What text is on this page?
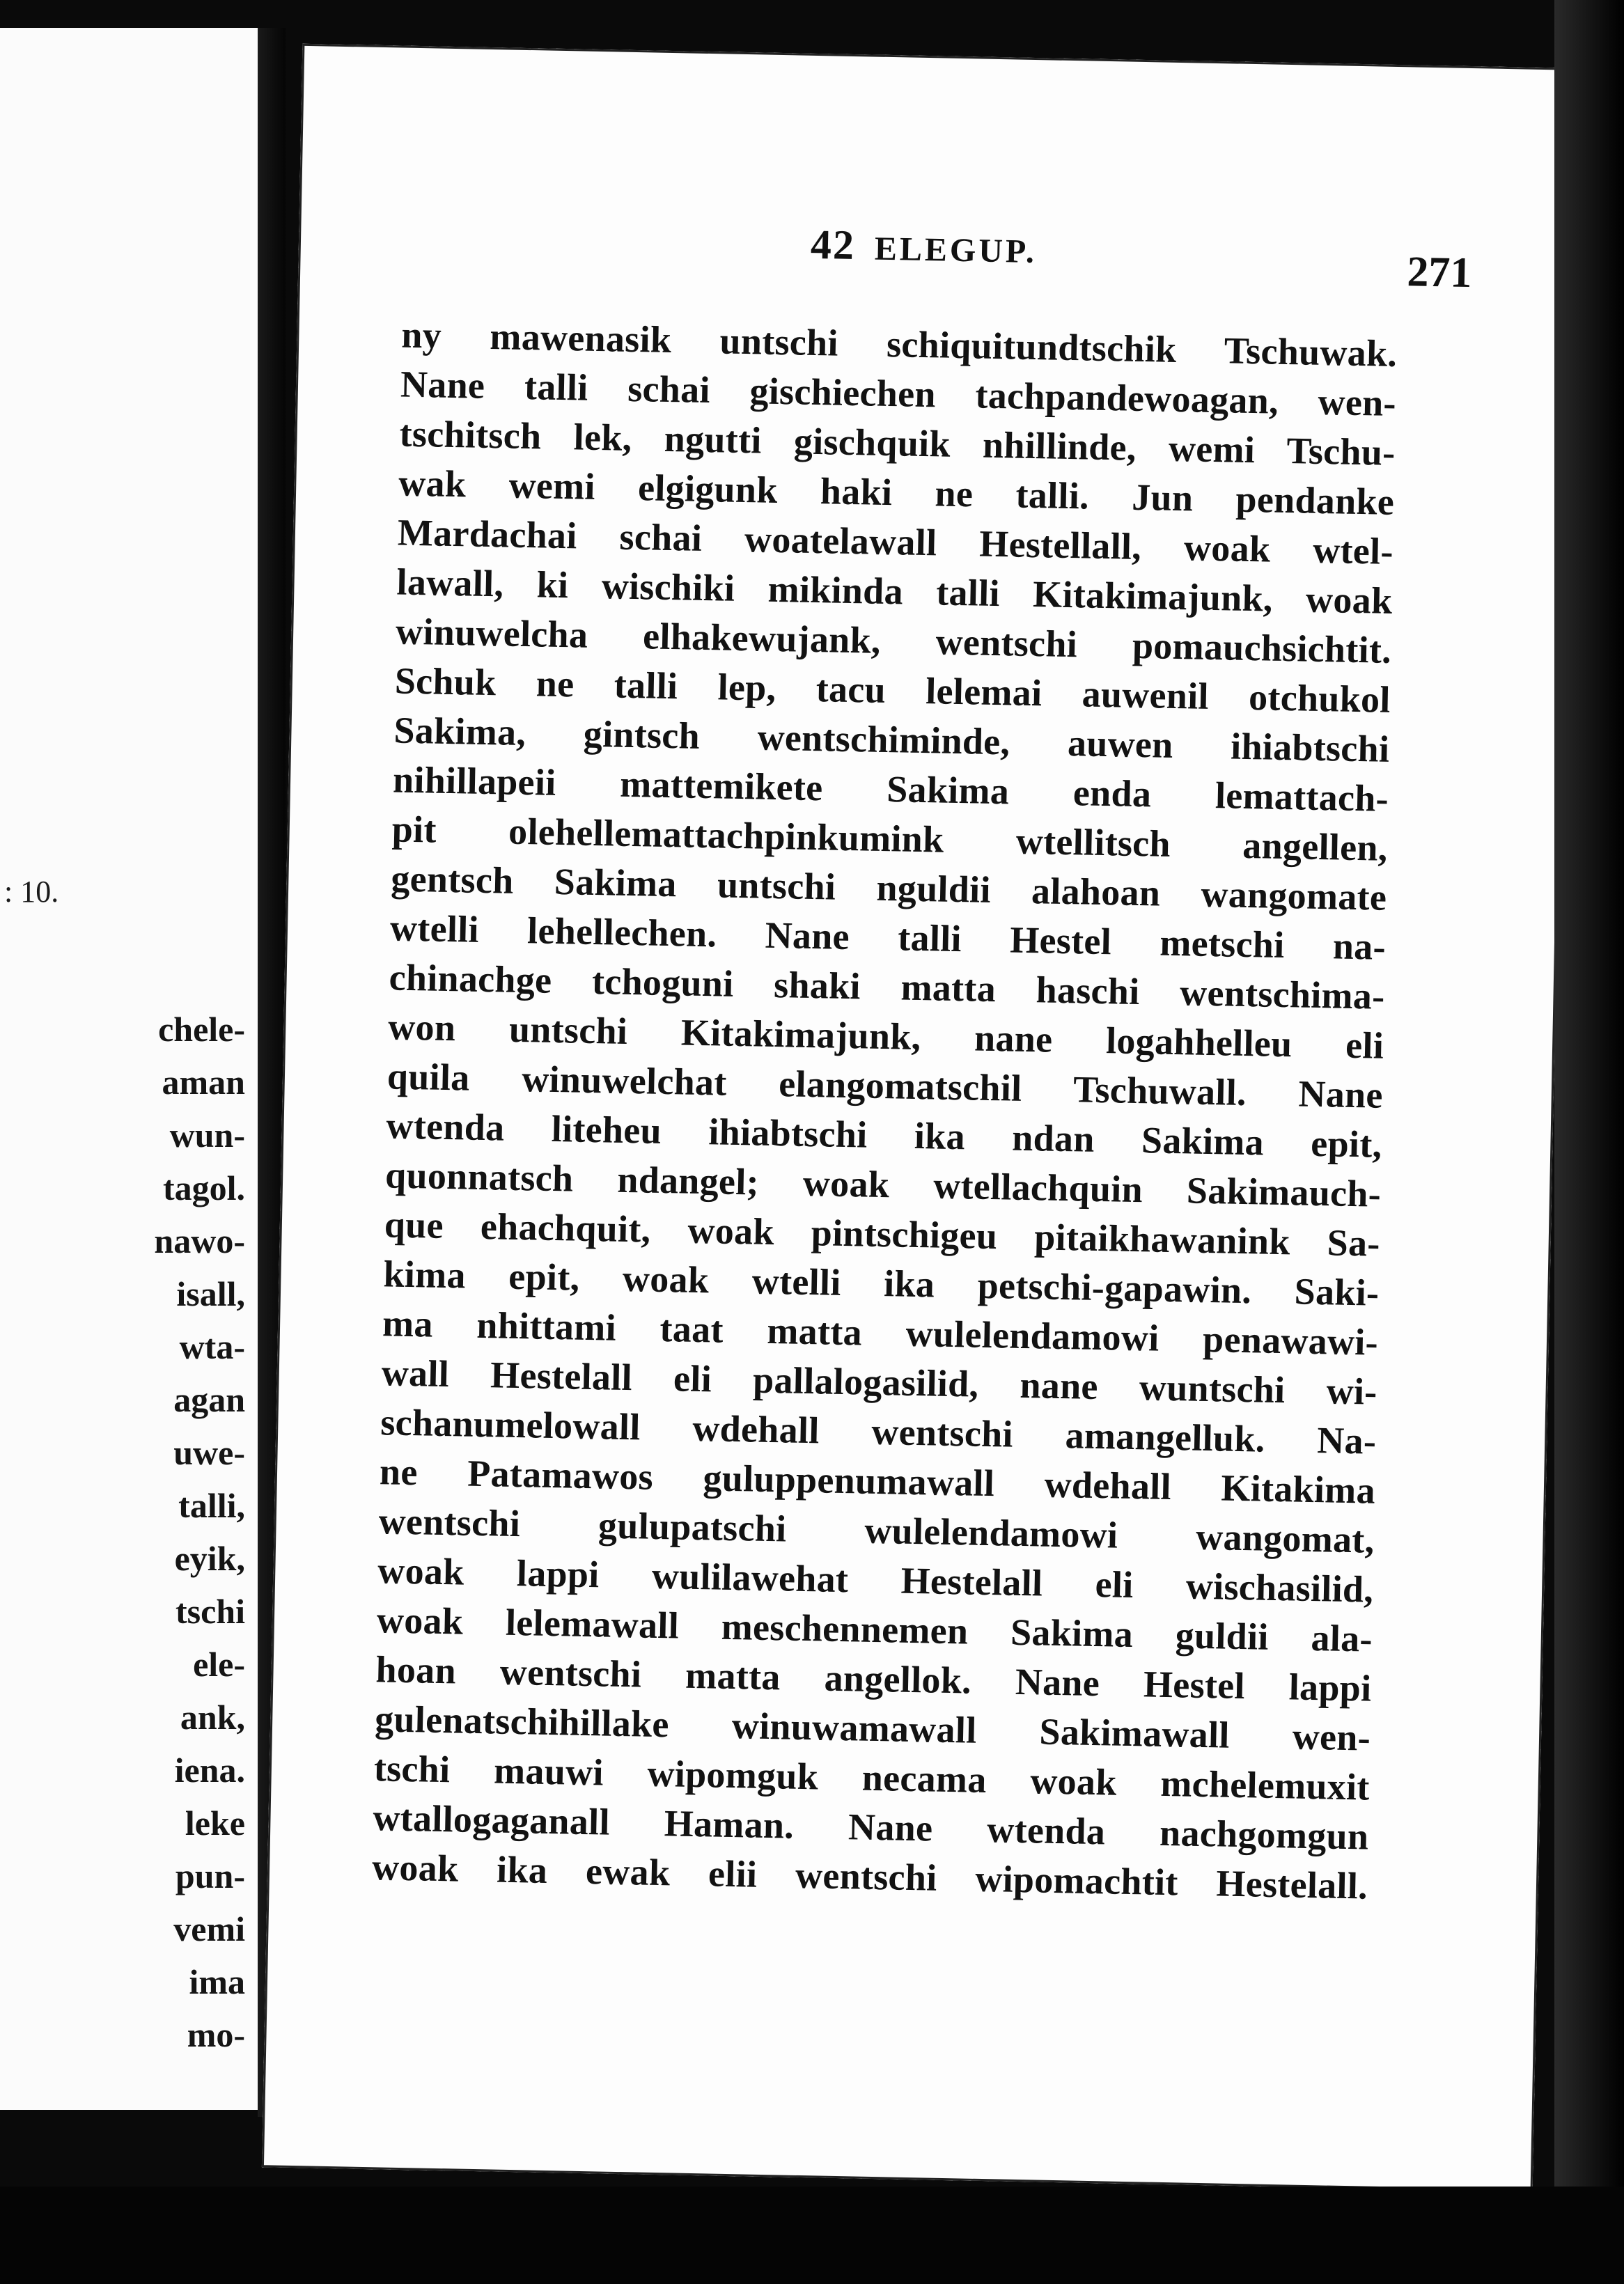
: 10.
chele-
aman
wun-
tagol.
nawo-
isall,
wta-
agan
uwe-
talli,
eyik,
tschi
ele-
ank,
iena.
leke
pun-
vemi
ima
mo-
42 ELEGUP.	271
ny mawenasik untschi schiquitundtschik Tschuwak.
Nane talli schai gischiechen tachpandewoagan, wen-
tschitsch lek, ngutti gischquik nhillinde, wemi Tschu-
wak wemi elgigunk haki ne talli. Jun pendanke
Mardachai schai woatelawall Hestellall, woak wtel-
lawall, ki wischiki mikinda talli Kitakimajunk, woak
winuwelcha elhakewujank, wentschi pomauchsichtit.
Schuk ne talli lep, tacu lelemai auwenil otchukol
Sakima, gintsch wentschiminde, auwen ihiabtschi
nihillapeii mattemikete Sakima enda lemattach-
pit olehellemattachpinkumink wtellitsch angellen,
gentsch Sakima untschi nguldii alahoan wangomate
wtelli lehellechen. Nane talli Hestel metschi na-
chinachge tchoguni shaki matta haschi wentschima-
won untschi Kitakimajunk, nane logahhelleu eli
quila winuwelchat elangomatschil Tschuwall. Nane
wtenda liteheu ihiabtschi ika ndan Sakima epit,
quonnatsch ndangel; woak wtellachquin Sakimauch-
que ehachquit, woak pintschigeu pitaikhawanink Sa-
kima epit, woak wtelli ika petschi-gapawin. Saki-
ma nhittami taat matta wulelendamowi penawawi-
wall Hestelall eli pallalogasilid, nane wuntschi wi-
schanumelowall wdehall wentschi amangelluk. Na-
ne Patamawos guluppenumawall wdehall Kitakima
wentschi gulupatschi wulelendamowi wangomat,
woak lappi wulilawehat Hestelall eli wischasilid,
woak lelemawall meschennemen Sakima guldii ala-
hoan wentschi matta angellok. Nane Hestel lappi
gulenatschihillake winuwamawall Sakimawall wen-
tschi mauwi wipomguk necama woak mchelemuxit
wtallogaganall Haman. Nane wtenda nachgomgun
woak ika ewak elii wentschi wipomachtit Hestelall.
